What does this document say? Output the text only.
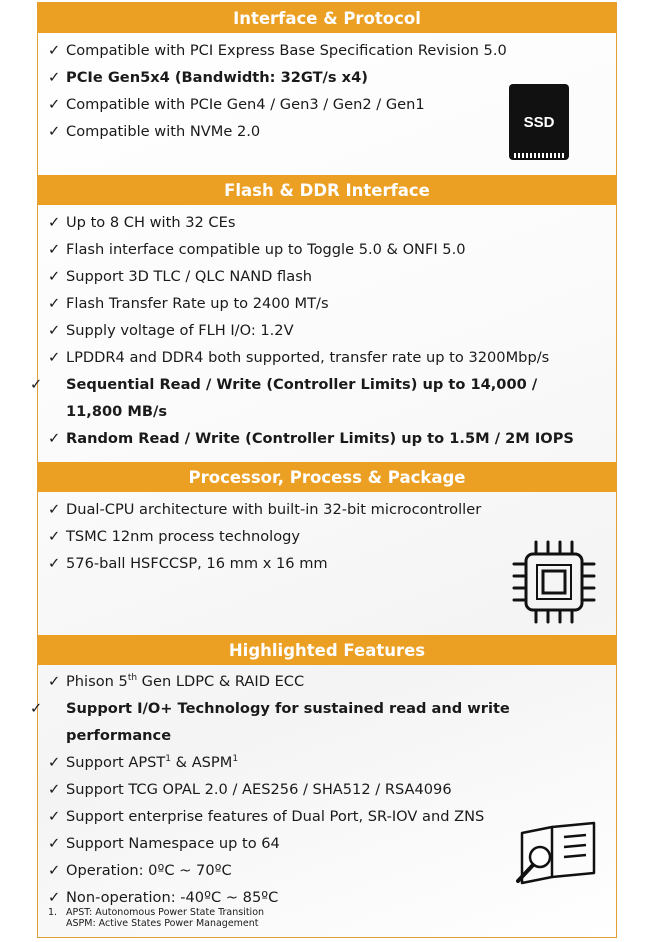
Interface & Protocol
✓ Compatible with PCI Express Base Specification Revision 5.0
✓ PCIe Gen5x4 (Bandwidth: 32GT/s x4)
✓ Compatible with PCIe Gen4 / Gen3 / Gen2 / Gen1
✓ Compatible with NVMe 2.0
SSD
Flash & DDR Interface
✓ Up to 8 CH with 32 CEs
✓ Flash interface compatible up to Toggle 5.0 & ONFI 5.0
✓ Support 3D TLC / QLC NAND flash
✓ Flash Transfer Rate up to 2400 MT/s
✓ Supply voltage of FLH I/O: 1.2V
✓ LPDDR4 and DDR4 both supported, transfer rate up to 3200Mbp/s
✓ Sequential Read / Write (Controller Limits) up to 14,000 / 11,800 MB/s
✓ Random Read / Write (Controller Limits) up to 1.5M / 2M IOPS
Processor, Process & Package
✓ Dual-CPU architecture with built-in 32-bit microcontroller
✓ TSMC 12nm process technology
✓ 576-ball HSFCCSP, 16 mm x 16 mm
Highlighted Features
✓ Phison 5th Gen LDPC & RAID ECC
✓ Support I/O+ Technology for sustained read and write performance
✓ Support APST$^1$ & ASPM$^1$
✓ Support TCG OPAL 2.0 / AES256 / SHA512 / RSA4096
✓ Support enterprise features of Dual Port, SR-IOV and ZNS
✓ Support Namespace up to 64
✓ Operation: 0ºC ~ 70ºC
✓ Non-operation: -40ºC ~ 85ºC
1. APST: Autonomous Power State Transition
ASPM: Active States Power Management
